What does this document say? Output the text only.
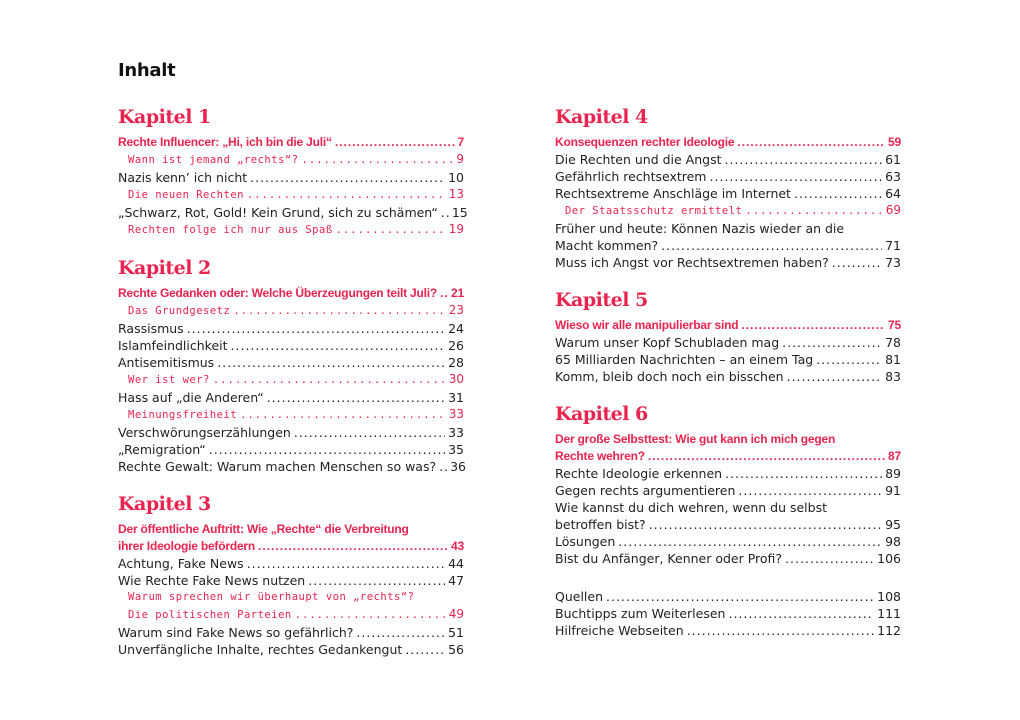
Inhalt
Kapitel 1
Rechte Influencer: „Hi, ich bin die Juli“ .....	7
Wann ist jemand „rechts“? .....	9
Nazis kenn’ ich nicht .....	10
Die neuen Rechten .....	13
„Schwarz, Rot, Gold! Kein Grund, sich zu schämen“ ..... 15
Rechten folge ich nur aus Spaß .....	19
Kapitel 2
Rechte Gedanken oder: Welche Überzeugungen teilt Juli? ..... 21
Das Grundgesetz .....	23
Rassismus .....	24
Islamfeindlichkeit .....	26
Antisemitismus .....	28
Wer ist wer? .....	30
Hass auf „die Anderen“ .....	31
Meinungsfreiheit .....	33
Verschwörungserzählungen .....	33
„Remigration“ .....	35
Rechte Gewalt: Warum machen Menschen so was? ..... 36
Kapitel 3
Der öffentliche Auftritt: Wie „Rechte“ die Verbreitung
ihrer Ideologie befördern .....	43
Achtung, Fake News .....	44
Wie Rechte Fake News nutzen .....	47
Warum sprechen wir überhaupt von „rechts“?
Die politischen Parteien .....	49
Warum sind Fake News so gefährlich? .....	51
Unverfängliche Inhalte, rechtes Gedankengut .....	56
Kapitel 4
Konsequenzen rechter Ideologie .....	59
Die Rechten und die Angst .....	61
Gefährlich rechtsextrem .....	63
Rechtsextreme Anschläge im Internet .....	64
Der Staatsschutz ermittelt .....	69
Früher und heute: Können Nazis wieder an die
Macht kommen? .....	71
Muss ich Angst vor Rechtsextremen haben? .....	73
Kapitel 5
Wieso wir alle manipulierbar sind .....	75
Warum unser Kopf Schubladen mag .....	78
65 Milliarden Nachrichten – an einem Tag .....	81
Komm, bleib doch noch ein bisschen .....	83
Kapitel 6
Der große Selbsttest: Wie gut kann ich mich gegen
Rechte wehren? .....	87
Rechte Ideologie erkennen .....	89
Gegen rechts argumentieren .....	91
Wie kannst du dich wehren, wenn du selbst
betroffen bist? .....	95
Lösungen .....	98
Bist du Anfänger, Kenner oder Profi? .....	106
Quellen .....	108
Buchtipps zum Weiterlesen .....	111
Hilfreiche Webseiten .....	112
